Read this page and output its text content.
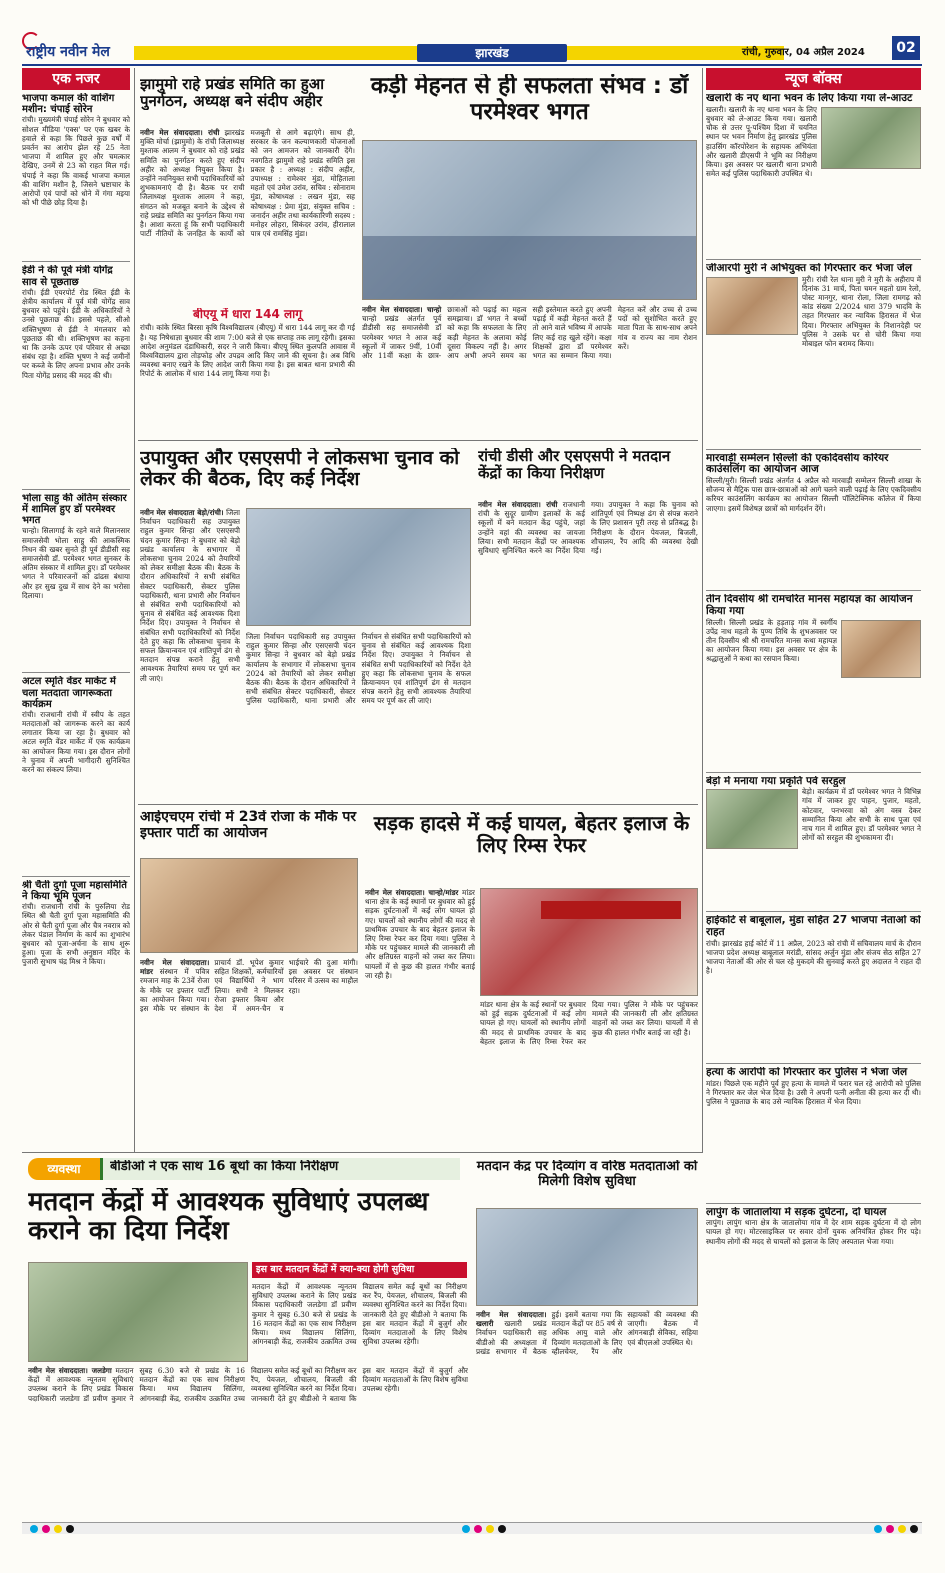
राष्ट्रीय नवीन मेल	झारखंड	रांची, गुरुवार, 04 अप्रैल 2024	02
एक नजर
भाजपा कमाल की वाशिंग मशीन: चंपाई सोरेन
रांची। मुख्यमंत्री चंपाई सोरेन ने बुधवार को सोशल मीडिया 'एक्स' पर एक खबर के हवाले से कहा कि पिछले कुछ वर्षों में प्रवर्तन का आरोप झेल रहे 25 नेता भाजपा में शामिल हुए और चमत्कार देखिए, उनमें से 23 को राहत मिल गई। चंपाई ने कहा कि वाकई भाजपा कमाल की वाशिंग मशीन है, जिसने भ्रष्टाचार के आरोपों एवं पापों को धोने में गंगा मइया को भी पीछे छोड़ दिया है।
ईडी ने की पूर्व मंत्री योगेंद्र साव से पूछताछ
रांची। ईडी एयरपोर्ट रोड स्थित ईडी के क्षेत्रीय कार्यालय में पूर्व मंत्री योगेंद्र साव बुधवार को पहुंचे। ईडी के अधिकारियों ने उनसे पूछताछ की। इससे पहले, सीओ शक्तिभूषण से ईडी ने मंगलवार को पूछताछ की थी। शक्तिभूषण का कहना था कि उनके ऊपर एवं परिवार से अच्छा संबंध रहा है। शक्ति भूषण ने कई जमीनों पर कब्जे के लिए अपना प्रभाव और उनके पिता योगेंद्र प्रसाद की मदद की थी।
भोला साहु की अंतिम संस्कार में शामिल हुए डॉ परमेश्वर भगत
चान्हो। सिलागाई के रहने वाले मिलानसार समाजसेवी भोला साहु की आकस्मिक निधन की खबर सुनते ही पूर्व डीडीसी सह समाजसेवी डॉ. परमेश्वर भगत सुनकर के अंतिम संस्कार में शामिल हुए। डॉ परमेश्वर भगत ने परिवारजनों को ढांढस बंधाया और हर सुख दुख में साथ देने का भरोसा दिलाया।
अटल स्मृति वेंडर मार्केट में चला मतदाता जागरूकता कार्यक्रम
रांची। राजधानी रांची में स्वीप के तहत मतदाताओं को जागरूक करने का कार्य लगातार किया जा रहा है। बुधवार को अटल स्मृति वेंडर मार्केट में एक कार्यक्रम का आयोजन किया गया। इस दौरान लोगों ने चुनाव में अपनी भागीदारी सुनिश्चित करने का संकल्प लिया।
श्री चैती दुर्गा पूजा महासमिति ने किया भूमि पूजन
रांची। राजधानी रांची के पुरुलिया रोड स्थित श्री चैती दुर्गा पूजा महासमिति की ओर से चैती दुर्गा पूजा और चैत्र नवरात्र को लेकर पंडाल निर्माण के कार्य का शुभारंभ बुधवार को पूजा-अर्चना के साथ शुरू हुआ। पूजा के सभी अनुष्ठान मंदिर के पुजारी सुभाष चंद्र मिश्र ने किया।
झामुमो राहे प्रखंड समिति का हुआ पुनर्गठन, अध्यक्ष बने संदीप अहीर
नवीन मेल संवाददाता। रांची झारखंड मुक्ति मोर्चा (झामुमो) के रांची जिलाध्यक्ष मुश्ताक आलम ने बुधवार को राहे प्रखंड समिति का पुनर्गठन करते हुए संदीप अहीर को अध्यक्ष नियुक्त किया है। उन्होंने नवनियुक्त सभी पदाधिकारियों को शुभकामनाएं दी है। बैठक पर राची जिलाध्यक्ष मुश्ताक आलम ने कहा, संगठन को मजबूत बनाने के उद्देश्य से राहे प्रखंड समिति का पुनर्गठन किया गया है। आशा करता हूं कि सभी पदाधिकारी पार्टी नीतियों के जनहित के कार्यों को मजबूती से आगे बढ़ाएंगे। साथ ही, सरकार के जन कल्याणकारी योजनाओं को जन आमजन को जानकारी देंगे। नवगठित झामुमो राहे प्रखंड समिति इस प्रकार है : अध्यक्ष : संदीप अहीर, उपाध्यक्ष : रामेश्वर मुंडा, मोहिताला महतो एवं उमेश उरांव, सचिव : सोनाराम मुंडा, कोषाध्यक्ष : लखन मुंडा, सह कोषाध्यक्ष : प्रेमा मुंडा, संयुक्त सचिव : जनार्दन अहीर तथा कार्यकारिणी सदस्य : मनोहर लोहरा, सिकंदर उरांव, हीरालाल पात्र एवं रामसिंह मुंडा।
बीएयू में धारा 144 लागू
रांची। कांके स्थित बिरसा कृषि विश्वविद्यालय (बीएयू) में धारा 144 लागू कर दी गई है। यह निषेधाज्ञा बुधवार की शाम 7:00 बजे से एक सप्ताह तक लागू रहेगी। इसका आदेश अनुमंडल दंडाधिकारी, सदर ने जारी किया। बीएयू स्थित कुलपति आवास में विश्वविद्यालय द्वारा तोड़फोड़ और उपद्रव आदि किए जाने की सूचना है। अब विधि व्यवस्था बनाए रखने के लिए आदेश जारी किया गया है। इस बाबत थाना प्रभारी की रिपोर्ट के आलोक में धारा 144 लागू किया गया है।
कड़ी मेहनत से ही सफलता संभव : डॉ परमेश्वर भगत
नवीन मेल संवाददाता। चान्हो चान्हो प्रखंड अंतर्गत पूर्व डीडीसी सह समाजसेवी डॉ परमेश्वर भगत ने आज कई स्कूलों में जाकर 9वीं, 10वीं और 11वीं कक्षा के छात्र-छात्राओं को पढ़ाई का महत्व समझाया। डॉ भगत ने बच्चों को कहा कि सफलता के लिए कड़ी मेहनत के अलावा कोई दूसरा विकल्प नहीं है। अगर आप अभी अपने समय का सही इस्तेमाल करते हुए अपनी पढ़ाई में कड़ी मेहनत करते हैं तो आने वाले भविष्य में आपके लिए कई राह खुले रहेंगे। कक्षा शिक्षकों द्वारा डॉ परमेश्वर भगत का सम्मान किया गया। मेहनत करें और उच्च से उच्च पदों को सुशोभित करते हुए माता पिता के साथ-साथ अपने गांव व राज्य का नाम रोशन करें।
न्यूज बॉक्स
खलारी के नए थाना भवन के लिए किया गया ले-आउट
खलारी। खलारी के नए थाना भवन के लिए बुधवार को ले-आउट किया गया। खलारी चौक से उत्तर पू-पश्चिम दिशा में चयनित स्थान पर भवन निर्माण हेतु झारखंड पुलिस हाउसिंग कॉरपोरेशन के सहायक अभियंता और खलारी डीएसपी ने भूमि का निरीक्षण किया। इस अवसर पर खलारी थाना प्रभारी समेत कई पुलिस पदाधिकारी उपस्थित थे।
जीआरपी मुरी ने अभियुक्त को गिरफ्तार कर भेजा जेल
मुरी। रांची रेल थाना मुरी ने मुरी के अहीराप में दिनांक 31 मार्च, पिता चमन महतो ग्राम रेलो, पोस्ट मानगुर, थाना रोला, जिला रामगढ़ को कांड संख्या 2/2024 धारा 379 भादवि के तहत गिरफ्तार कर न्यायिक हिरासत में भेज दिया। गिरफ्तार अभियुक्त के निशानदेही पर पुलिस ने उसके घर से चोरी किया गया मोबाइल फोन बरामद किया।
मारवाड़ी सम्मेलन सिल्ली की एकदिवसीय करियर काउंसलिंग का आयोजन आज
सिल्ली/मुरी। सिल्ली प्रखंड अंतर्गत 4 अप्रैल को मारवाड़ी सम्मेलन सिल्ली शाखा के सौजन्य से मैट्रिक पास छात्र-छात्राओं को आगे चलने वाली पढ़ाई के लिए एकदिवसीय करियर काउंसलिंग कार्यक्रम का आयोजन सिल्ली पॉलिटेक्निक कॉलेज में किया जाएगा। इसमें विशेषज्ञ छात्रों को मार्गदर्शन देंगे।
तीन दिवसीय श्री रामचरित मानस महायज्ञ का आयोजन किया गया
सिल्ली। सिल्ली प्रखंड के हड़ताड़ गांव में स्वर्गीय उपेंद्र नाथ महतो के पुण्य तिथि के शुभअवसर पर तीन दिवसीय श्री श्री रामचरित मानस कथा महायज्ञ का आयोजन किया गया। इस अवसर पर क्षेत्र के श्रद्धालुओं ने कथा का रसपान किया।
बेड़ो में मनाया गया प्रकृति पर्व सरहुल
बेड़ो। कार्यक्रम में डॉ परमेश्वर भगत ने विभिन्न गांव में जाकर हुए पाहन, पुजार, महतो, कोटवार, पनभरवा को अंग वस्त्र देकर सम्मानित किया और सभी के साथ पूजा एवं नाच गान में शामिल हुए। डॉ परमेश्वर भगत ने लोगों को सरहुल की शुभकामना दी।
हाईकोर्ट से बाबूलाल, मुंडा सहित 27 भाजपा नेताओं को राहत
रांची। झारखंड हाई कोर्ट में 11 अप्रैल, 2023 को रांची में सचिवालय मार्च के दौरान भाजपा प्रदेश अध्यक्ष बाबूलाल मरांडी, सांसद अर्जुन मुंडा और संजय सेठ सहित 27 भाजपा नेताओं की ओर से चल रहे मुकदमे की सुनवाई करते हुए अदालत ने राहत दी है।
हत्या के आरोपी को गिरफ्तार कर पुलिस ने भेजा जेल
मांडर। पिछले एक महीने पूर्व हुए हत्या के मामले में फरार चल रहे आरोपी को पुलिस ने गिरफ्तार कर जेल भेज दिया है। उसी ने अपनी पत्नी अनीता की हत्या कर दी थी। पुलिस ने पूछताछ के बाद उसे न्यायिक हिरासत में भेज दिया।
लापुंग के जातालोया में सड़क दुर्घटना, दो घायल
लापुंग। लापुंग थाना क्षेत्र के जातालोया गांव में देर शाम सड़क दुर्घटना में दो लोग घायल हो गए। मोटरसाइकिल पर सवार दोनों युवक अनियंत्रित होकर गिर पड़े। स्थानीय लोगों की मदद से घायलों को इलाज के लिए अस्पताल भेजा गया।
उपायुक्त और एसएसपी ने लोकसभा चुनाव को लेकर की बैठक, दिए कई निर्देश
नवीन मेल संवाददाता बेड़ो/रांची। जिला निर्वाचन पदाधिकारी सह उपायुक्त राहुल कुमार सिन्हा और एसएसपी चंदन कुमार सिन्हा ने बुधवार को बेड़ो प्रखंड कार्यालय के सभागार में लोकसभा चुनाव 2024 को तैयारियों को लेकर समीक्षा बैठक की। बैठक के दौरान अधिकारियों ने सभी संबंधित सेक्टर पदाधिकारी, सेक्टर पुलिस पदाधिकारी, थाना प्रभारी और निर्वाचन से संबंधित सभी पदाधिकारियों को चुनाव से संबंधित कई आवश्यक दिशा निर्देश दिए। उपायुक्त ने निर्वाचन से संबंधित सभी पदाधिकारियों को निर्देश देते हुए कहा कि लोकसभा चुनाव के सफल क्रियान्वयन एवं शांतिपूर्ण ढंग से मतदान संपन्न कराने हेतु सभी आवश्यक तैयारियां समय पर पूर्ण कर ली जाएं।
जिला निर्वाचन पदाधिकारी सह उपायुक्त राहुल कुमार सिन्हा और एसएसपी चंदन कुमार सिन्हा ने बुधवार को बेड़ो प्रखंड कार्यालय के सभागार में लोकसभा चुनाव 2024 को तैयारियों को लेकर समीक्षा बैठक की। बैठक के दौरान अधिकारियों ने सभी संबंधित सेक्टर पदाधिकारी, सेक्टर पुलिस पदाधिकारी, थाना प्रभारी और निर्वाचन से संबंधित सभी पदाधिकारियों को चुनाव से संबंधित कई आवश्यक दिशा निर्देश दिए। उपायुक्त ने निर्वाचन से संबंधित सभी पदाधिकारियों को निर्देश देते हुए कहा कि लोकसभा चुनाव के सफल क्रियान्वयन एवं शांतिपूर्ण ढंग से मतदान संपन्न कराने हेतु सभी आवश्यक तैयारियां समय पर पूर्ण कर ली जाएं।
रांची डीसी और एसएसपी ने मतदान केंद्रों का किया निरीक्षण
नवीन मेल संवाददाता। रांची राजधानी रांची के सुदूर ग्रामीण इलाकों के कई स्कूलों में बने मतदान केंद्र पहुंचे, जहां उन्होंने वहां की व्यवस्था का जायजा लिया। सभी मतदान केंद्रों पर आवश्यक सुविधाएं सुनिश्चित करने का निर्देश दिया गया। उपायुक्त ने कहा कि चुनाव को शांतिपूर्ण एवं निष्पक्ष ढंग से संपन्न कराने के लिए प्रशासन पूरी तरह से प्रतिबद्ध है। निरीक्षण के दौरान पेयजल, बिजली, शौचालय, रैंप आदि की व्यवस्था देखी गई।
आईएचएम रांची में 23वें रोजा के मौके पर इफ्तार पार्टी का आयोजन
नवीन मेल संवाददाता। मांडर संस्थान में पवित्र रमजान माह के 23वें रोजा के मौके पर इफ्तार पार्टी का आयोजन किया गया। इस मौके पर संस्थान के प्राचार्य डॉ. भूपेश कुमार सहित शिक्षकों, कर्मचारियों एवं विद्यार्थियों ने भाग लिया। सभी ने मिलकर रोजा इफ्तार किया और देश में अमन-चैन व भाईचारे की दुआ मांगी। इस अवसर पर संस्थान परिसर में उत्सव का माहौल रहा।
सड़क हादसे में कई घायल, बेहतर इलाज के लिए रिम्स रेफर
नवीन मेल संवाददाता। चान्हो/मांडर मांडर थाना क्षेत्र के कई स्थानों पर बुधवार को हुई सड़क दुर्घटनाओं में कई लोग घायल हो गए। घायलों को स्थानीय लोगों की मदद से प्राथमिक उपचार के बाद बेहतर इलाज के लिए रिम्स रेफर कर दिया गया। पुलिस ने मौके पर पहुंचकर मामले की जानकारी ली और क्षतिग्रस्त वाहनों को जब्त कर लिया। घायलों में से कुछ की हालत गंभीर बताई जा रही है।
मांडर थाना क्षेत्र के कई स्थानों पर बुधवार को हुई सड़क दुर्घटनाओं में कई लोग घायल हो गए। घायलों को स्थानीय लोगों की मदद से प्राथमिक उपचार के बाद बेहतर इलाज के लिए रिम्स रेफर कर दिया गया। पुलिस ने मौके पर पहुंचकर मामले की जानकारी ली और क्षतिग्रस्त वाहनों को जब्त कर लिया। घायलों में से कुछ की हालत गंभीर बताई जा रही है।
व्यवस्था	बीडीओ ने एक साथ 16 बूथों का किया निरीक्षण
मतदान केंद्रों में आवश्यक सुविधाएं उपलब्ध कराने का दिया निर्देश
इस बार मतदान केंद्रों में क्या-क्या होगी सुविधा
मतदान केंद्रों में आवश्यक न्यूनतम सुविधाएं उपलब्ध कराने के लिए प्रखंड विकास पदाधिकारी जलडेगा डॉ प्रवीण कुमार ने सुबह 6.30 बजे से प्रखंड के 16 मतदान केंद्रों का एक साथ निरीक्षण किया। मध्य विद्यालय सिलिंगा, आंगनबाड़ी केंद्र, राजकीय उत्क्रमित उच्च विद्यालय समेत कई बूथों का निरीक्षण कर रैंप, पेयजल, शौचालय, बिजली की व्यवस्था सुनिश्चित करने का निर्देश दिया। जानकारी देते हुए बीडीओ ने बताया कि इस बार मतदान केंद्रों में बुजुर्ग और दिव्यांग मतदाताओं के लिए विशेष सुविधा उपलब्ध रहेगी।
नवीन मेल संवाददाता। जलडेगा मतदान केंद्रों में आवश्यक न्यूनतम सुविधाएं उपलब्ध कराने के लिए प्रखंड विकास पदाधिकारी जलडेगा डॉ प्रवीण कुमार ने सुबह 6.30 बजे से प्रखंड के 16 मतदान केंद्रों का एक साथ निरीक्षण किया। मध्य विद्यालय सिलिंगा, आंगनबाड़ी केंद्र, राजकीय उत्क्रमित उच्च विद्यालय समेत कई बूथों का निरीक्षण कर रैंप, पेयजल, शौचालय, बिजली की व्यवस्था सुनिश्चित करने का निर्देश दिया। जानकारी देते हुए बीडीओ ने बताया कि इस बार मतदान केंद्रों में बुजुर्ग और दिव्यांग मतदाताओं के लिए विशेष सुविधा उपलब्ध रहेगी।
मतदान केंद्र पर दिव्यांग व वरिष्ठ मतदाताओं को मिलेगी विशेष सुविधा
नवीन मेल संवाददाता। खलारी खलारी प्रखंड निर्वाचन पदाधिकारी सह बीडीओ की अध्यक्षता में प्रखंड सभागार में बैठक हुई। इसमें बताया गया कि मतदान केंद्रों पर 85 वर्ष से अधिक आयु वाले और दिव्यांग मतदाताओं के लिए व्हीलचेयर, रैंप और सहायकों की व्यवस्था की जाएगी। बैठक में आंगनबाड़ी सेविका, सहिया एवं बीएलओ उपस्थित थे।
